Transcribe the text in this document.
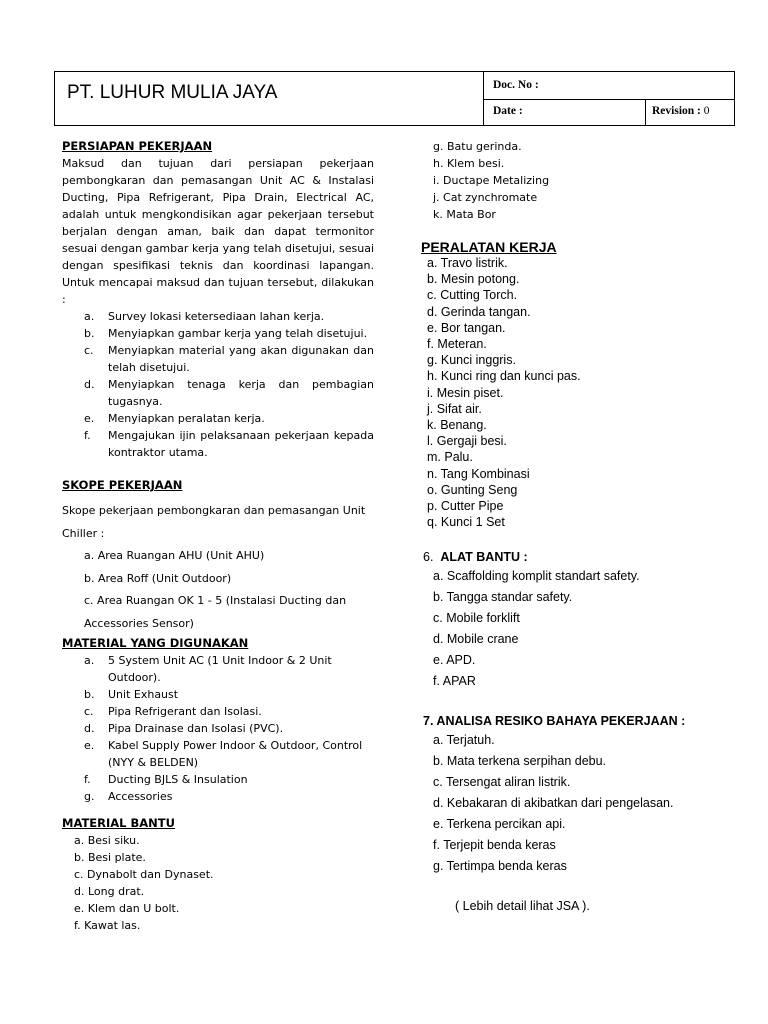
PT. LUHUR MULIA JAYA	Doc. No :
Date :	Revision : 0

PERSIAPAN PEKERJAAN

Maksud dan tujuan dari persiapan pekerjaan pembongkaran dan pemasangan Unit AC & Instalasi Ducting, Pipa Refrigerant, Pipa Drain, Electrical AC, adalah untuk mengkondisikan agar pekerjaan tersebut berjalan dengan aman, baik dan dapat termonitor sesuai dengan gambar kerja yang telah disetujui, sesuai dengan spesifikasi teknis dan koordinasi lapangan. Untuk mencapai maksud dan tujuan tersebut, dilakukan :

a. Survey lokasi ketersediaan lahan kerja.
b. Menyiapkan gambar kerja yang telah disetujui.
c. Menyiapkan material yang akan digunakan dan telah disetujui.
d. Menyiapkan tenaga kerja dan pembagian tugasnya.
e. Menyiapkan peralatan kerja.
f. Mengajukan ijin pelaksanaan pekerjaan kepada kontraktor utama.

SKOPE PEKERJAAN

Skope pekerjaan pembongkaran dan pemasangan Unit
Chiller :
a. Area Ruangan AHU (Unit AHU)
b. Area Roff (Unit Outdoor)
c. Area Ruangan OK 1 - 5 (Instalasi Ducting dan
Accessories Sensor)

MATERIAL YANG DIGUNAKAN

a. 5 System Unit AC (1 Unit Indoor & 2 Unit Outdoor).
b. Unit Exhaust
c. Pipa Refrigerant dan Isolasi.
d. Pipa Drainase dan Isolasi (PVC).
e. Kabel Supply Power Indoor & Outdoor, Control (NYY & BELDEN)
f. Ducting BJLS & Insulation
g. Accessories

MATERIAL BANTU

a. Besi siku.
b. Besi plate.
c. Dynabolt dan Dynaset.
d. Long drat.
e. Klem dan U bolt.
f. Kawat las.
g. Batu gerinda.
h. Klem besi.
i. Ductape Metalizing
j. Cat zynchromate
k. Mata Bor
PERALATAN KERJA
a. Travo listrik.
b. Mesin potong.
c. Cutting Torch.
d. Gerinda tangan.
e. Bor tangan.
f. Meteran.
g. Kunci inggris.
h. Kunci ring dan kunci pas.
i. Mesin piset.
j. Sifat air.
k. Benang.
l. Gergaji besi.
m. Palu.
n. Tang Kombinasi
o. Gunting Seng
p. Cutter Pipe
q. Kunci 1 Set
6. ALAT BANTU :
a. Scaffolding komplit standart safety.
b. Tangga standar safety.
c. Mobile forklift
d. Mobile crane
e. APD.
f. APAR
7. ANALISA RESIKO BAHAYA PEKERJAAN :
a. Terjatuh.
b. Mata terkena serpihan debu.
c. Tersengat aliran listrik.
d. Kebakaran di akibatkan dari pengelasan.
e. Terkena percikan api.
f. Terjepit benda keras
g. Tertimpa benda keras
( Lebih detail lihat JSA ).
